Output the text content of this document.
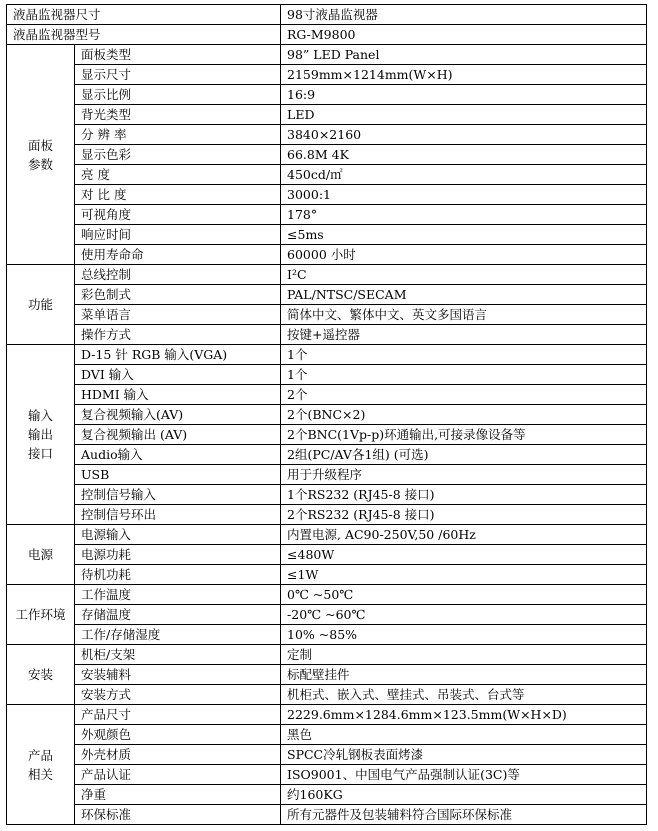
液晶监视器尺寸		98寸液晶监视器
液晶监视器型号		RG-M9800

面板
参数	面板类型	98” LED Panel
	显示尺寸	2159mm×1214mm(W×H)
	显示比例	16:9
	背光类型	LED
	分 辨 率	3840×2160
	显示色彩	66.8M 4K
	亮 度	450cd/㎡
	对 比 度	3000:1
	可视角度	178°
	响应时间	≤5ms
	使用寿命命	60000 小时

功能	总线控制	I²C
	彩色制式	PAL/NTSC/SECAM
	菜单语言	简体中文、繁体中文、英文多国语言
	操作方式	按键+遥控器

输入
输出
接口	D-15 针 RGB 输入(VGA)	1个
	DVI 输入	1个
	HDMI 输入	2个
	复合视频输入(AV)	2个(BNC×2)
	复合视频输出 (AV)	2个BNC(1Vp-p)环通输出,可接录像设备等
	Audio输入	2组(PC/AV各1组) (可选)
	USB	用于升级程序
	控制信号输入	1个RS232 (RJ45-8 接口)
	控制信号环出	2个RS232 (RJ45-8 接口)

电源	电源输入	内置电源, AC90-250V,50 /60Hz
	电源功耗	≤480W
	待机功耗	≤1W

工作环境	工作温度	0℃ ~50℃
	存储温度	-20℃ ~60℃
	工作/存储湿度	10% ~85%

安装	机柜/支架	定制
	安装辅料	标配壁挂件
	安装方式	机柜式、嵌入式、壁挂式、吊装式、台式等

产品
相关	产品尺寸	2229.6mm×1284.6mm×123.5mm(W×H×D)
	外观颜色	黑色
	外壳材质	SPCC冷轧钢板表面烤漆
	产品认证	ISO9001、中国电气产品强制认证(3C)等
	净重	约160KG
	环保标准	所有元器件及包装辅料符合国际环保标准
